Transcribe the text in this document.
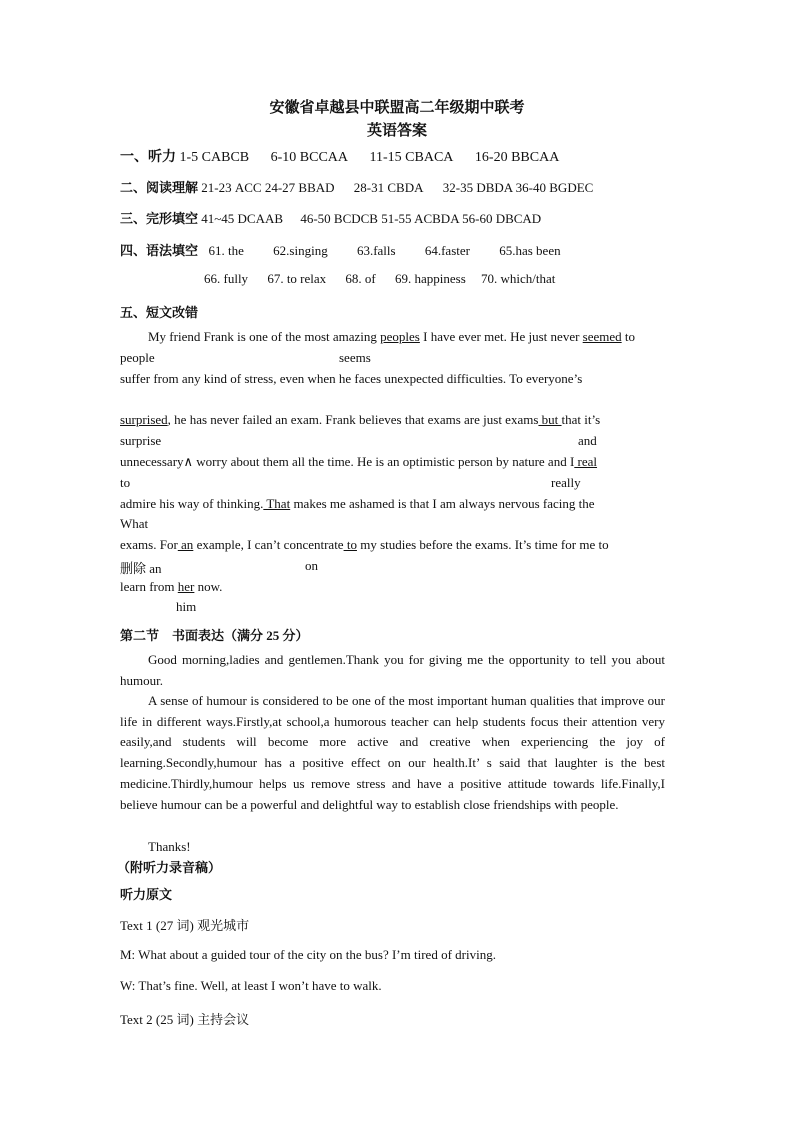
安徽省卓越县中联盟高二年级期中联考
英语答案
一、听力 1-5 CABCB 6-10 BCCAA 11-15 CBACA 16-20 BBCAA
二、阅读理解 21-23 ACC 24-27 BBAD 28-31 CBDA 32-35 DBDA 36-40 BGDEC
三、完形填空 41~45 DCAAB 46-50 BCDCB 51-55 ACBDA 56-60 DBCAD
四、语法填空 61. the 62.singing 63.falls 64.faster 65.has been
66. fully 67. to relax 68. of 69. happiness 70. which/that
五、短文改错
My friend Frank is one of the most amazing peoples I have ever met. He just never seemed to
people	seems
suffer from any kind of stress, even when he faces unexpected difficulties. To everyone’s
surprised, he has never failed an exam. Frank believes that exams are just exams but that it’s
surprise	and
unnecessary∧ worry about them all the time. He is an optimistic person by nature and I real
to	really
admire his way of thinking. That makes me ashamed is that I am always nervous facing the
What
exams. For an example, I can’t concentrate to my studies before the exams. It’s time for me to
删除 an	on
learn from her now.
him
第二节　书面表达（满分 25 分）
Good morning,ladies and gentlemen.Thank you for giving me the opportunity to tell you about humour.
A sense of humour is considered to be one of the most important human qualities that improve our life in different ways.Firstly,at school,a humorous teacher can help students focus their attention very easily,and students will become more active and creative when experiencing the joy of learning.Secondly,humour has a positive effect on our health.It’ s said that laughter is the best medicine.Thirdly,humour helps us remove stress and have a positive attitude towards life.Finally,I believe humour can be a powerful and delightful way to establish close friendships with people.
Thanks!
（附听力录音稿）
听力原文
Text 1 (27 词) 观光城市
M: What about a guided tour of the city on the bus? I’m tired of driving.
W: That’s fine. Well, at least I won’t have to walk.
Text 2 (25 词) 主持会议
